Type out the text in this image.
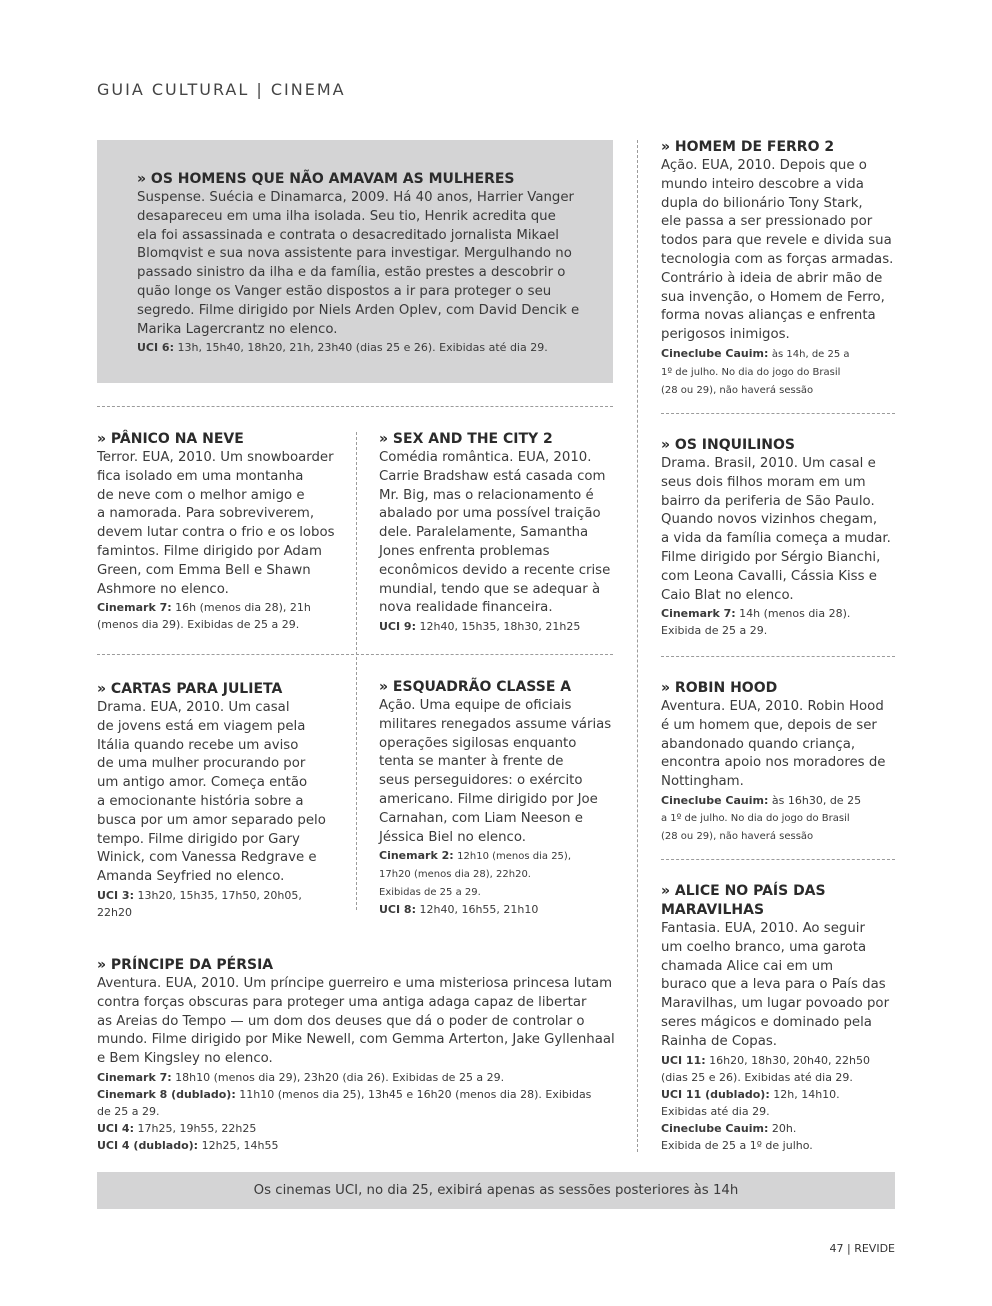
GUIA CULTURAL | CINEMA
» OS HOMENS QUE NÃO AMAVAM AS MULHERES
Suspense. Suécia e Dinamarca, 2009. Há 40 anos, Harrier Vanger
desapareceu em uma ilha isolada. Seu tio, Henrik acredita que
ela foi assassinada e contrata o desacreditado jornalista Mikael
Blomqvist e sua nova assistente para investigar. Mergulhando no
passado sinistro da ilha e da família, estão prestes a descobrir o
quão longe os Vanger estão dispostos a ir para proteger o seu
segredo. Filme dirigido por Niels Arden Oplev, com David Dencik e
Marika Lagercrantz no elenco.
UCI 6: 13h, 15h40, 18h20, 21h, 23h40 (dias 25 e 26). Exibidas até dia 29.
» PÂNICO NA NEVE
Terror. EUA, 2010. Um snowboarder
fica isolado em uma montanha
de neve com o melhor amigo e
a namorada. Para sobreviverem,
devem lutar contra o frio e os lobos
famintos. Filme dirigido por Adam
Green, com Emma Bell e Shawn
Ashmore no elenco.
Cinemark 7: 16h (menos dia 28), 21h
(menos dia 29). Exibidas de 25 a 29.
» SEX AND THE CITY 2
Comédia romântica. EUA, 2010.
Carrie Bradshaw está casada com
Mr. Big, mas o relacionamento é
abalado por uma possível traição
dele. Paralelamente, Samantha
Jones enfrenta problemas
econômicos devido a recente crise
mundial, tendo que se adequar à
nova realidade financeira.
UCI 9: 12h40, 15h35, 18h30, 21h25
» HOMEM DE FERRO 2
Ação. EUA, 2010. Depois que o
mundo inteiro descobre a vida
dupla do bilionário Tony Stark,
ele passa a ser pressionado por
todos para que revele e divida sua
tecnologia com as forças armadas.
Contrário à ideia de abrir mão de
sua invenção, o Homem de Ferro,
forma novas alianças e enfrenta
perigosos inimigos.
Cineclube Cauim: às 14h, de 25 a
1º de julho. No dia do jogo do Brasil
(28 ou 29), não haverá sessão
» OS INQUILINOS
Drama. Brasil, 2010. Um casal e
seus dois filhos moram em um
bairro da periferia de São Paulo.
Quando novos vizinhos chegam,
a vida da família começa a mudar.
Filme dirigido por Sérgio Bianchi,
com Leona Cavalli, Cássia Kiss e
Caio Blat no elenco.
Cinemark 7: 14h (menos dia 28).
Exibida de 25 a 29.
» CARTAS PARA JULIETA
Drama. EUA, 2010. Um casal
de jovens está em viagem pela
Itália quando recebe um aviso
de uma mulher procurando por
um antigo amor. Começa então
a emocionante história sobre a
busca por um amor separado pelo
tempo. Filme dirigido por Gary
Winick, com Vanessa Redgrave e
Amanda Seyfried no elenco.
UCI 3: 13h20, 15h35, 17h50, 20h05,
22h20
» ESQUADRÃO CLASSE A
Ação. Uma equipe de oficiais
militares renegados assume várias
operações sigilosas enquanto
tenta se manter à frente de
seus perseguidores: o exército
americano. Filme dirigido por Joe
Carnahan, com Liam Neeson e
Jéssica Biel no elenco.
Cinemark 2: 12h10 (menos dia 25),
17h20 (menos dia 28), 22h20.
Exibidas de 25 a 29.
UCI 8: 12h40, 16h55, 21h10
» ROBIN HOOD
Aventura. EUA, 2010. Robin Hood
é um homem que, depois de ser
abandonado quando criança,
encontra apoio nos moradores de
Nottingham.
Cineclube Cauim: às 16h30, de 25
a 1º de julho. No dia do jogo do Brasil
(28 ou 29), não haverá sessão
» PRÍNCIPE DA PÉRSIA
Aventura. EUA, 2010. Um príncipe guerreiro e uma misteriosa princesa lutam
contra forças obscuras para proteger uma antiga adaga capaz de libertar
as Areias do Tempo — um dom dos deuses que dá o poder de controlar o
mundo. Filme dirigido por Mike Newell, com Gemma Arterton, Jake Gyllenhaal
e Bem Kingsley no elenco.
Cinemark 7: 18h10 (menos dia 29), 23h20 (dia 26). Exibidas de 25 a 29.
Cinemark 8 (dublado): 11h10 (menos dia 25), 13h45 e 16h20 (menos dia 28). Exibidas
de 25 a 29.
UCI 4: 17h25, 19h55, 22h25
UCI 4 (dublado): 12h25, 14h55
» ALICE NO PAÍS DAS
MARAVILHAS
Fantasia. EUA, 2010. Ao seguir
um coelho branco, uma garota
chamada Alice cai em um
buraco que a leva para o País das
Maravilhas, um lugar povoado por
seres mágicos e dominado pela
Rainha de Copas.
UCI 11: 16h20, 18h30, 20h40, 22h50
(dias 25 e 26). Exibidas até dia 29.
UCI 11 (dublado): 12h, 14h10.
Exibidas até dia 29.
Cineclube Cauim: 20h.
Exibida de 25 a 1º de julho.
Os cinemas UCI, no dia 25, exibirá apenas as sessões posteriores às 14h
47 | REVIDE
